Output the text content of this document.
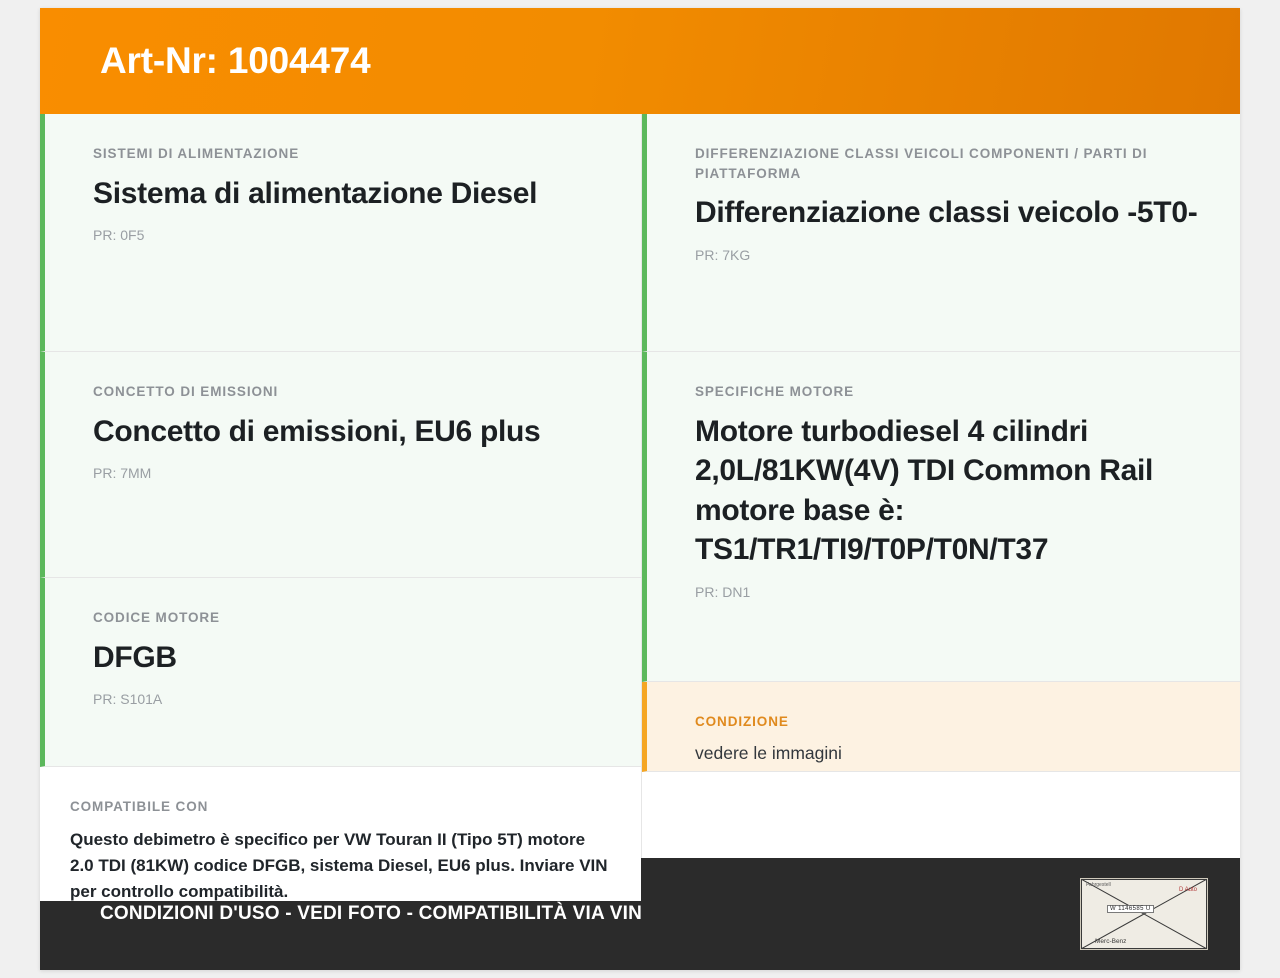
Art-Nr: 1004474
SISTEMI DI ALIMENTAZIONE
Sistema di alimentazione Diesel
PR: 0F5
CONCETTO DI EMISSIONI
Concetto di emissioni, EU6 plus
PR: 7MM
CODICE MOTORE
DFGB
PR: S101A
COMPATIBILE CON
Questo debimetro è specifico per VW Touran II (Tipo 5T) motore 2.0 TDI (81KW) codice DFGB, sistema Diesel, EU6 plus. Inviare VIN per controllo compatibilità.
DIFFERENZIAZIONE CLASSI VEICOLI COMPONENTI / PARTI DI PIATTAFORMA
Differenziazione classi veicolo -5T0-
PR: 7KG
SPECIFICHE MOTORE
Motore turbodiesel 4 cilindri 2,0L/81KW(4V) TDI Common Rail motore base è: TS1/TR1/TI9/T0P/T0N/T37
PR: DN1
CONDIZIONE
vedere le immagini
CONDIZIONI D'USO - VEDI FOTO - COMPATIBILITÀ VIA VIN
Fahrgestell
D Auto
W 1146585 U
Merc-Benz
